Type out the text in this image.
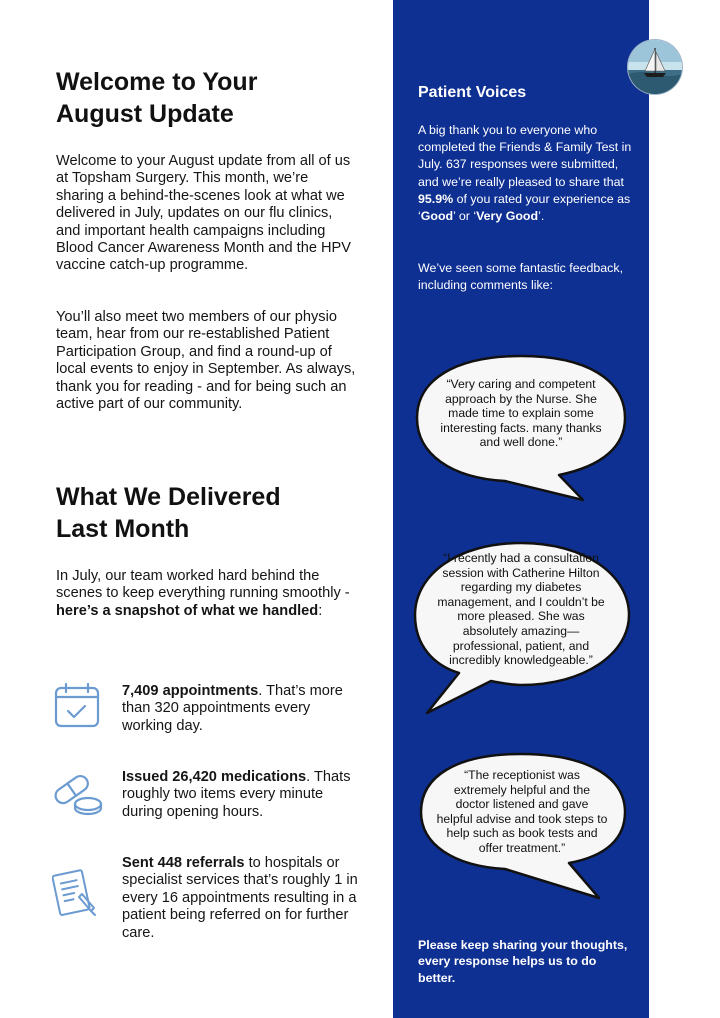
Welcome to Your
August Update

Welcome to your August update from all of us at Topsham Surgery. This month, we’re sharing a behind-the-scenes look at what we delivered in July, updates on our flu clinics, and important health campaigns including Blood Cancer Awareness Month and the HPV vaccine catch-up programme.

You’ll also meet two members of our physio team, hear from our re-established Patient Participation Group, and find a round-up of local events to enjoy in September. As always, thank you for reading - and for being such an active part of our community.

What We Delivered
Last Month

In July, our team worked hard behind the scenes to keep everything running smoothly - here’s a snapshot of what we handled:

7,409 appointments. That’s more than 320 appointments every working day.

Issued 26,420 medications. Thats roughly two items every minute during opening hours.

Sent 448 referrals to hospitals or specialist services that’s roughly 1 in every 16 appointments resulting in a patient being referred on for further care.

Patient Voices

A big thank you to everyone who completed the Friends & Family Test in July. 637 responses were submitted, and we’re really pleased to share that 95.9% of you rated your experience as ‘Good’ or ‘Very Good’.

We’ve seen some fantastic feedback, including comments like:

“Very caring and competent approach by the Nurse. She made time to explain some interesting facts. many thanks and well done.”

“I recently had a consultation session with Catherine Hilton regarding my diabetes management, and I couldn’t be more pleased. She was absolutely amazing—professional, patient, and incredibly knowledgeable.”

“The receptionist was extremely helpful and the doctor listened and gave helpful advise and took steps to help such as book tests and offer treatment.”

Please keep sharing your thoughts, every response helps us to do better.
